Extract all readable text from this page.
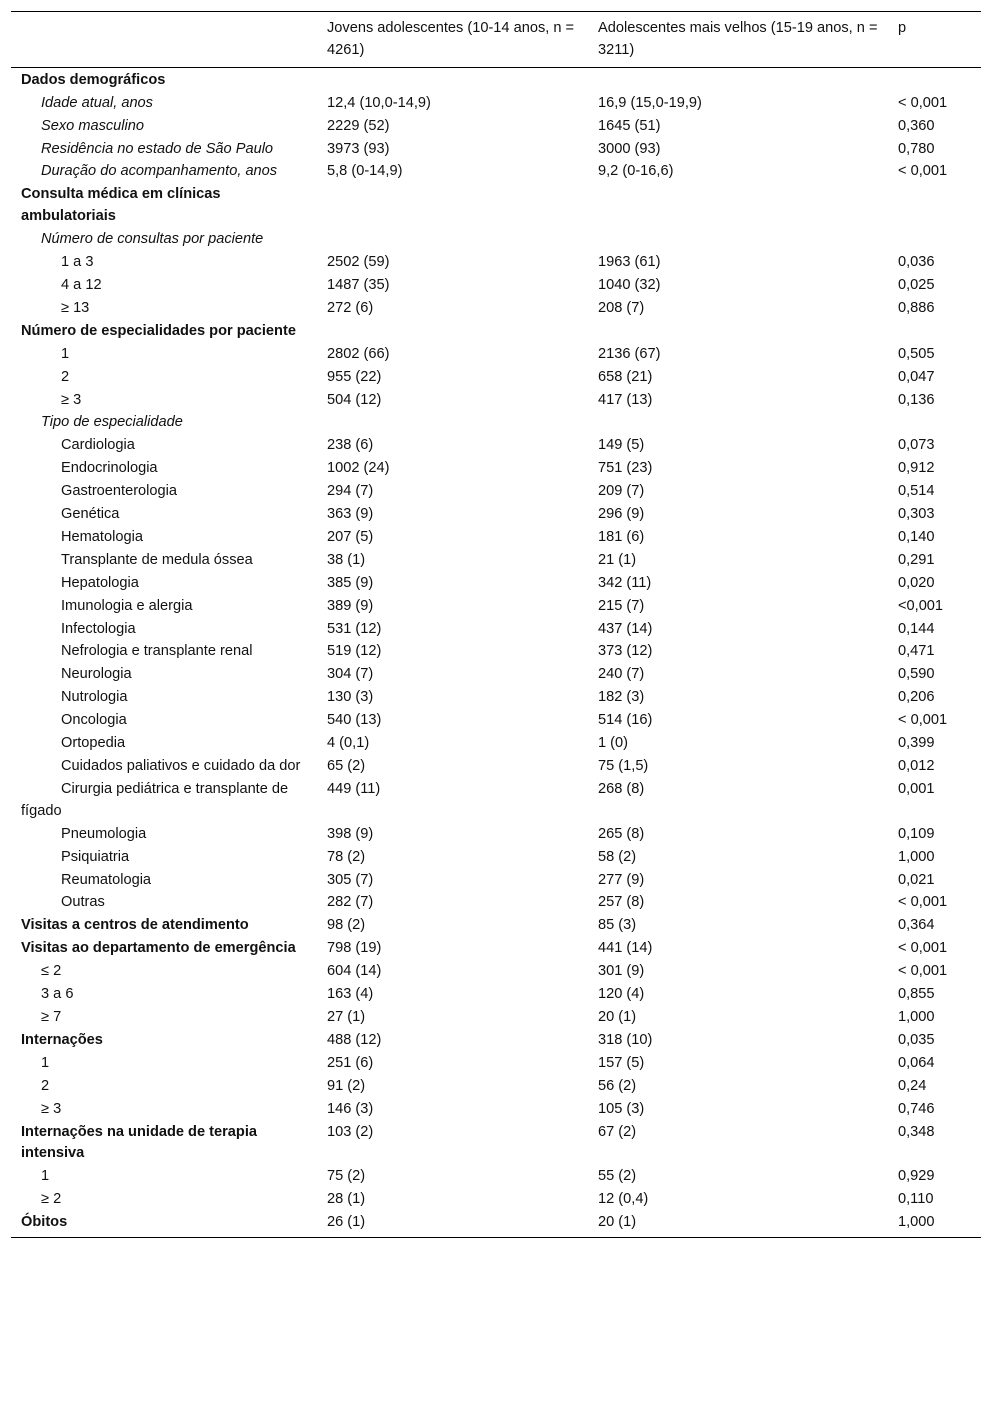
	Jovens adolescentes (10-14 anos, n = 4261)	Adolescentes mais velhos (15-19 anos, n = 3211)	p
Dados demográficos			
Idade atual, anos	12,4 (10,0-14,9)	16,9 (15,0-19,9)	< 0,001
Sexo masculino	2229 (52)	1645 (51)	0,360
Residência no estado de São Paulo	3973 (93)	3000 (93)	0,780
Duração do acompanhamento, anos	5,8 (0-14,9)	9,2 (0-16,6)	< 0,001
Consulta médica em clínicas ambulatoriais			
Número de consultas por paciente			
1 a 3	2502 (59)	1963 (61)	0,036
4 a 12	1487 (35)	1040 (32)	0,025
≥ 13	272 (6)	208 (7)	0,886
Número de especialidades por paciente			
1	2802 (66)	2136 (67)	0,505
2	955 (22)	658 (21)	0,047
≥ 3	504 (12)	417 (13)	0,136
Tipo de especialidade			
Cardiologia	238 (6)	149 (5)	0,073
Endocrinologia	1002 (24)	751 (23)	0,912
Gastroenterologia	294 (7)	209 (7)	0,514
Genética	363 (9)	296 (9)	0,303
Hematologia	207 (5)	181 (6)	0,140
Transplante de medula óssea	38 (1)	21 (1)	0,291
Hepatologia	385 (9)	342 (11)	0,020
Imunologia e alergia	389 (9)	215 (7)	<0,001
Infectologia	531 (12)	437 (14)	0,144
Nefrologia e transplante renal	519 (12)	373 (12)	0,471
Neurologia	304 (7)	240 (7)	0,590
Nutrologia	130 (3)	182 (3)	0,206
Oncologia	540 (13)	514 (16)	< 0,001
Ortopedia	4 (0,1)	1 (0)	0,399
Cuidados paliativos e cuidado da dor	65 (2)	75 (1,5)	0,012
Cirurgia pediátrica e transplante de fígado	449 (11)	268 (8)	0,001
Pneumologia	398 (9)	265 (8)	0,109
Psiquiatria	78 (2)	58 (2)	1,000
Reumatologia	305 (7)	277 (9)	0,021
Outras	282 (7)	257 (8)	< 0,001
Visitas a centros de atendimento	98 (2)	85 (3)	0,364
Visitas ao departamento de emergência	798 (19)	441 (14)	< 0,001
≤ 2	604 (14)	301 (9)	< 0,001
3 a 6	163 (4)	120 (4)	0,855
≥ 7	27 (1)	20 (1)	1,000
Internações	488 (12)	318 (10)	0,035
1	251 (6)	157 (5)	0,064
2	91 (2)	56 (2)	0,24
≥ 3	146 (3)	105 (3)	0,746
Internações na unidade de terapia intensiva	103 (2)	67 (2)	0,348
1	75 (2)	55 (2)	0,929
≥ 2	28 (1)	12 (0,4)	0,110
Óbitos	26 (1)	20 (1)	1,000
